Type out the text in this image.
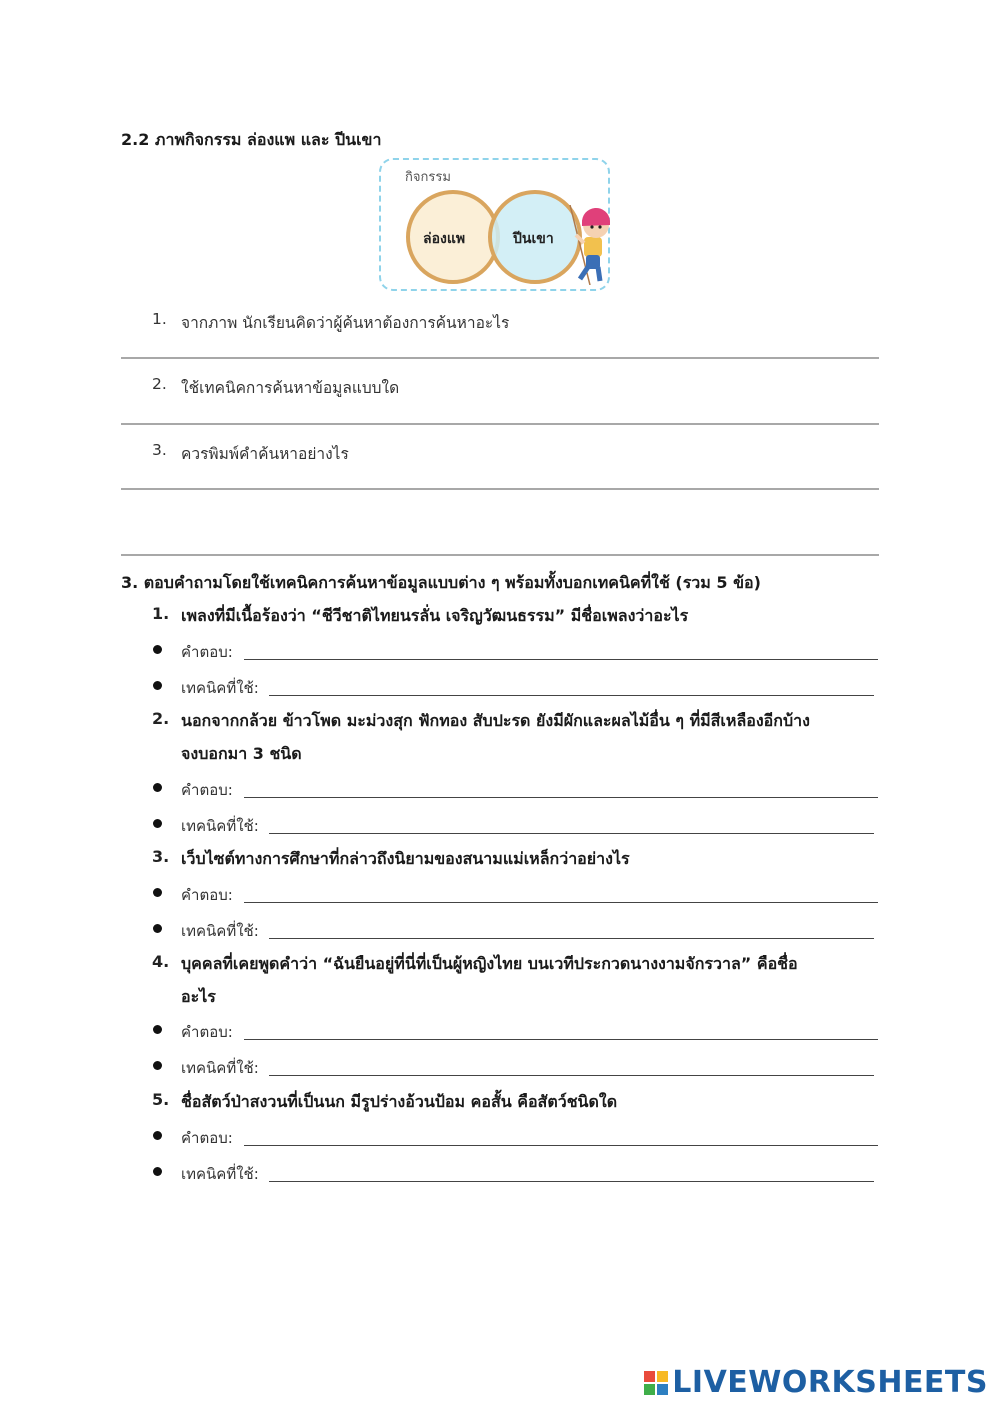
2.2 ภาพกิจกรรม ล่องแพ และ ปีนเขา
กิจกรรม
ล่องแพ	ปีนเขา
1. จากภาพ นักเรียนคิดว่าผู้ค้นหาต้องการค้นหาอะไร
2. ใช้เทคนิคการค้นหาข้อมูลแบบใด
3. ควรพิมพ์คำค้นหาอย่างไร
3. ตอบคำถามโดยใช้เทคนิคการค้นหาข้อมูลแบบต่าง ๆ พร้อมทั้งบอกเทคนิคที่ใช้ (รวม 5 ข้อ)
1. เพลงที่มีเนื้อร้องว่า “ชีวีชาติไทยนรลั่น เจริญวัฒนธรรม” มีชื่อเพลงว่าอะไร
คำตอบ:
เทคนิคที่ใช้:
2. นอกจากกล้วย ข้าวโพด มะม่วงสุก ฟักทอง สับปะรด ยังมีผักและผลไม้อื่น ๆ ที่มีสีเหลืองอีกบ้าง
จงบอกมา 3 ชนิด
คำตอบ:
เทคนิคที่ใช้:
3. เว็บไซต์ทางการศึกษาที่กล่าวถึงนิยามของสนามแม่เหล็กว่าอย่างไร
คำตอบ:
เทคนิคที่ใช้:
4. บุคคลที่เคยพูดคำว่า “ฉันยืนอยู่ที่นี่ที่เป็นผู้หญิงไทย บนเวทีประกวดนางงามจักรวาล” คือชื่อ
อะไร
คำตอบ:
เทคนิคที่ใช้:
5. ชื่อสัตว์ป่าสงวนที่เป็นนก มีรูปร่างอ้วนป้อม คอสั้น คือสัตว์ชนิดใด
คำตอบ:
เทคนิคที่ใช้:
LIVEWORKSHEETS
